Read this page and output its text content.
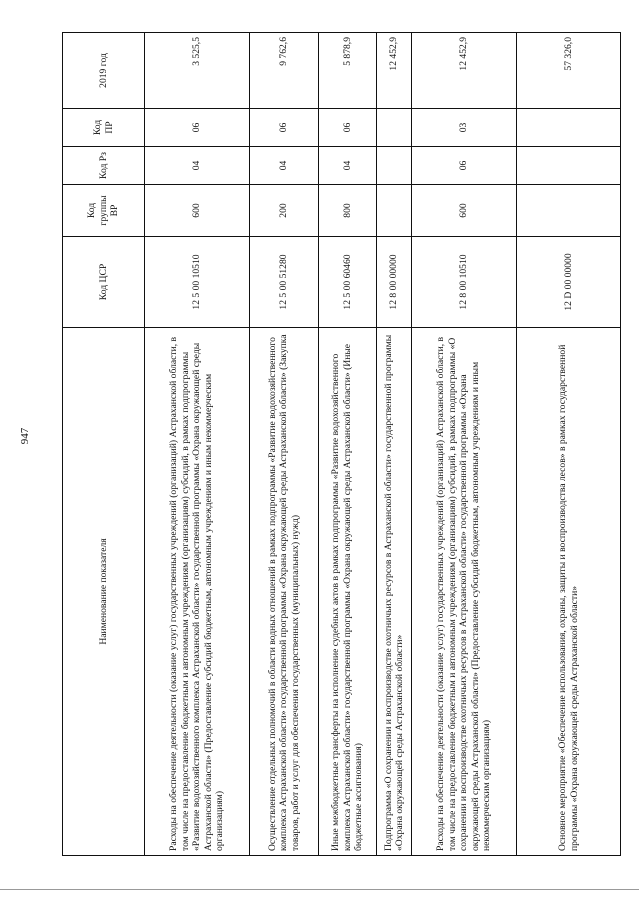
947
Наименование показателя	Код ЦСР	Код группы ВР	Код Рз	Код ПР	2019 год
Расходы на обеспечение деятельности (оказание услуг) государственных учреждений (организаций) Астраханской области, в том числе на предоставление бюджетным и автономным учреждениям (организациям) субсидий, в рамках подпрограммы «Развитие водохозяйственного комплекса Астраханской области» государственной программы «Охрана окружающей среды Астраханской области» (Предоставление субсидий бюджетным, автономным учреждениям и иным некоммерческим организациям)	12 5 00 10510	600	04	06	3 525,5
Осуществление отдельных полномочий в области водных отношений в рамках подпрограммы «Развитие водохозяйственного комплекса Астраханской области» государственной программы «Охрана окружающей среды Астраханской области» (Закупка товаров, работ и услуг для обеспечения государственных (муниципальных) нужд)	12 5 00 51280	200	04	06	9 762,6
Иные межбюджетные трансферты на исполнение судебных актов в рамках подпрограммы «Развитие водохозяйственного комплекса Астраханской области» государственной программы «Охрана окружающей среды Астраханской области» (Иные бюджетные ассигнования)	12 5 00 60460	800	04	06	5 878,9
Подпрограмма «О сохранении и воспроизводстве охотничьих ресурсов в Астраханской области» государственной программы «Охрана окружающей среды Астраханской области»	12 8 00 00000				12 452,9
Расходы на обеспечение деятельности (оказание услуг) государственных учреждений (организаций) Астраханской области, в том числе на предоставление бюджетным и автономным учреждениям (организациям) субсидий, в рамках подпрограммы «О сохранении и воспроизводстве охотничьих ресурсов в Астраханской области» государственной программы «Охрана окружающей среды Астраханской области» (Предоставление субсидий бюджетным, автономным учреждениям и иным некоммерческим организациям)	12 8 00 10510	600	06	03	12 452,9
Основное мероприятие «Обеспечение использования, охраны, защиты и воспроизводства лесов» в рамках государственной программы «Охрана окружающей среды Астраханской области»	12 D 00 00000				57 326,0
